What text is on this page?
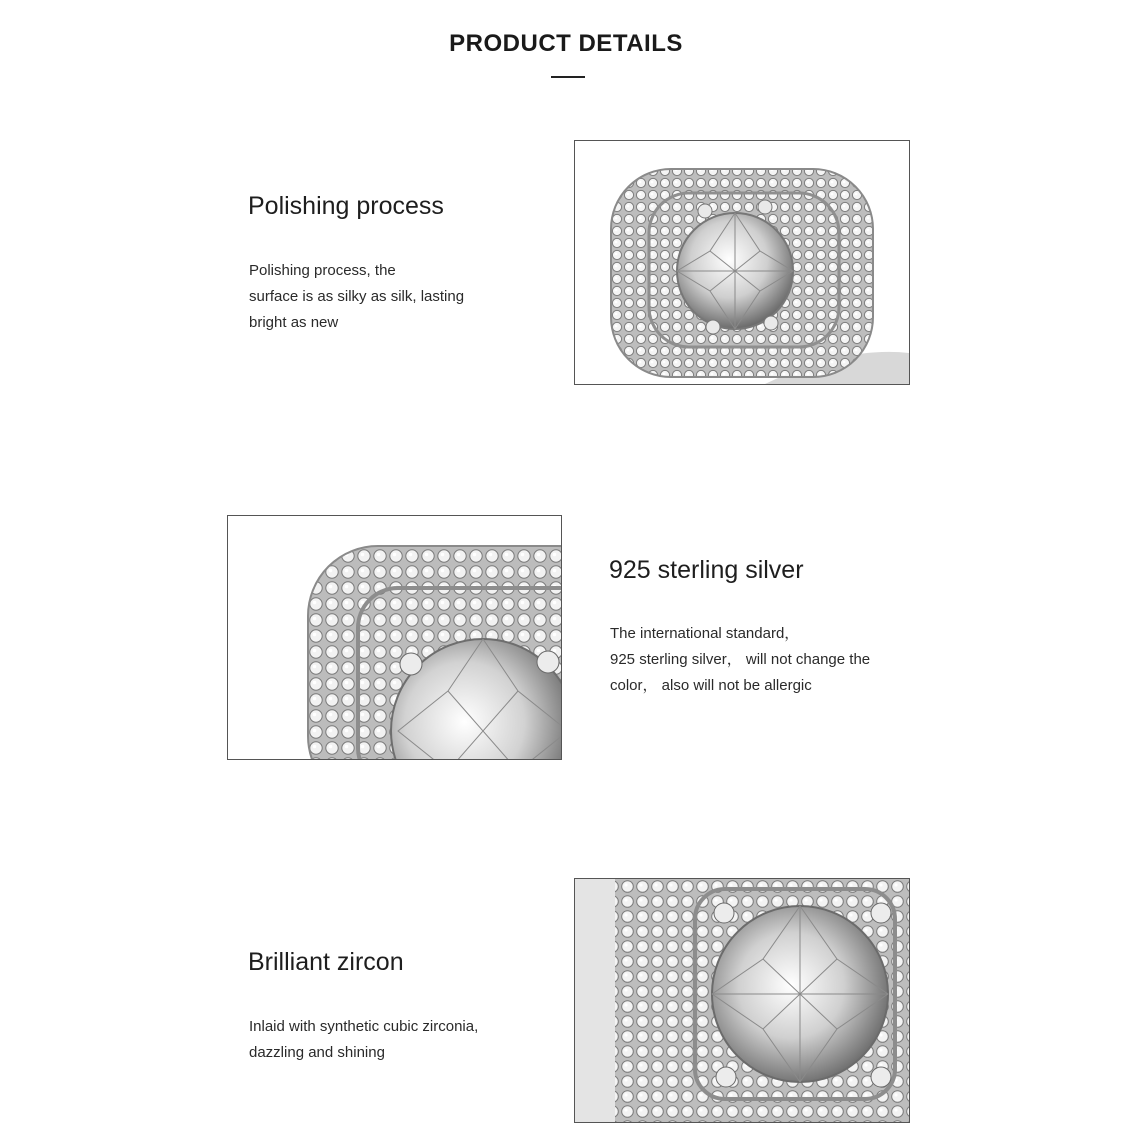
PRODUCT DETAILS
Polishing process
Polishing process, the
surface is as silky as silk, lasting
bright as new
925 sterling silver
The international standard，
925 sterling silver， will not change the
color， also will not be allergic
Brilliant zircon
Inlaid with synthetic cubic zirconia,
dazzling and shining
